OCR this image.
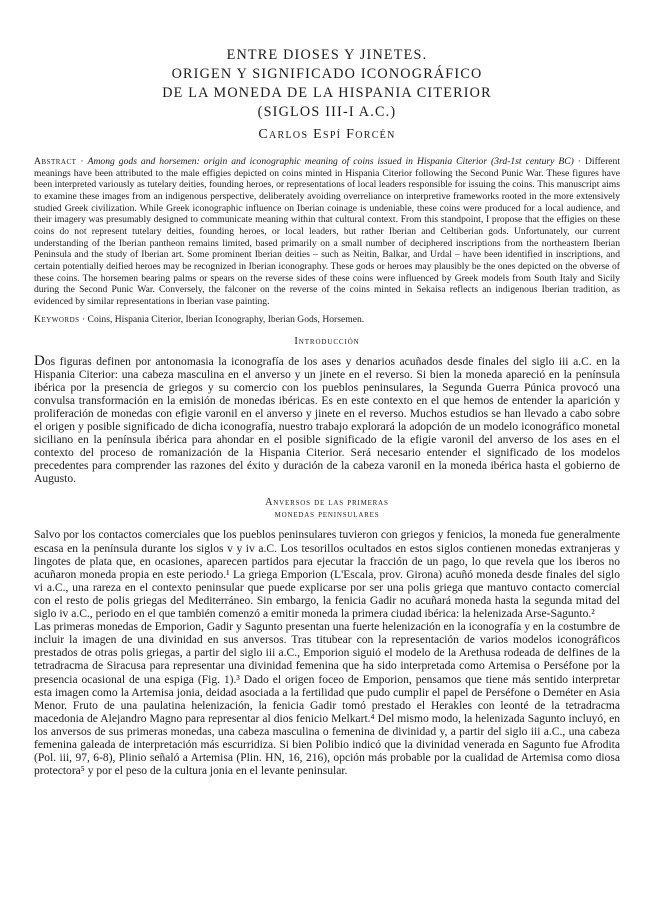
ENTRE DIOSES Y JINETES.
ORIGEN Y SIGNIFICADO ICONOGRÁFICO
DE LA MONEDA DE LA HISPANIA CITERIOR
(SIGLOS III-I A.C.)
Carlos Espí Forcén
Abstract · Among gods and horsemen: origin and iconographic meaning of coins issued in Hispania Citerior (3rd-1st century BC) · Different meanings have been attributed to the male effigies depicted on coins minted in Hispania Citerior following the Second Punic War. These figures have been interpreted variously as tutelary deities, founding heroes, or representations of local leaders responsible for issuing the coins. This manuscript aims to examine these images from an indigenous perspective, deliberately avoiding overreliance on interpretive frameworks rooted in the more extensively studied Greek civilization. While Greek iconographic influence on Iberian coinage is undeniable, these coins were produced for a local audience, and their imagery was presumably designed to communicate meaning within that cultural context. From this standpoint, I propose that the effigies on these coins do not represent tutelary deities, founding heroes, or local leaders, but rather Iberian and Celtiberian gods. Unfortunately, our current understanding of the Iberian pantheon remains limited, based primarily on a small number of deciphered inscriptions from the northeastern Iberian Peninsula and the study of Iberian art. Some prominent Iberian deities – such as Neitin, Balkar, and Urdal – have been identified in inscriptions, and certain potentially deified heroes may be recognized in Iberian iconography. These gods or heroes may plausibly be the ones depicted on the obverse of these coins. The horsemen bearing palms or spears on the reverse sides of these coins were influenced by Greek models from South Italy and Sicily during the Second Punic War. Conversely, the falconer on the reverse of the coins minted in Sekaisa reflects an indigenous Iberian tradition, as evidenced by similar representations in Iberian vase painting.
Keywords · Coins, Hispania Citerior, Iberian Iconography, Iberian Gods, Horsemen.
Introducción

Dos figuras definen por antonomasia la iconografía de los ases y denarios acuñados desde finales del siglo iii a.C. en la Hispania Citerior: una cabeza masculina en el anverso y un jinete en el reverso. Si bien la moneda apareció en la península ibérica por la presencia de griegos y su comercio con los pueblos peninsulares, la Segunda Guerra Púnica provocó una convulsa transformación en la emisión de monedas ibéricas. Es en este contexto en el que hemos de entender la aparición y proliferación de monedas con efigie varonil en el anverso y jinete en el reverso. Muchos estudios se han llevado a cabo sobre el origen y posible significado de dicha iconografía, nuestro trabajo explorará la adopción de un modelo iconográfico monetal siciliano en la península ibérica para ahondar en el posible significado de la efigie varonil del anverso de los ases en el contexto del proceso de romanización de la Hispania Citerior. Será necesario entender el significado de los modelos precedentes para comprender las razones del éxito y duración de la cabeza varonil en la moneda ibérica hasta el gobierno de Augusto.

Anversos de las primeras
monedas peninsulares

Salvo por los contactos comerciales que los pueblos peninsulares tuvieron con griegos y fenicios, la moneda fue generalmente escasa en la península durante los siglos v y iv a.C. Los tesorillos ocultados en estos siglos contienen monedas extranjeras y lingotes de plata que, en ocasiones, aparecen partidos para ejecutar la fracción de un pago, lo que revela que los iberos no acuñaron moneda propia en este periodo.¹ La griega Emporion (L'Escala, prov. Girona) acuñó moneda desde finales del siglo vi a.C., una rareza en el contexto peninsular que puede explicarse por ser una polis griega que mantuvo contacto comercial con el resto de polis griegas del Mediterráneo. Sin embargo, la fenicia Gadir no acuñará moneda hasta la segunda mitad del siglo iv a.C., periodo en el que también comenzó a emitir moneda la primera ciudad ibérica: la helenizada Arse-Sagunto.²

Las primeras monedas de Emporion, Gadir y Sagunto presentan una fuerte helenización en la iconografía y en la costumbre de incluir la imagen de una divinidad en sus anversos. Tras titubear con la representación de varios modelos iconográficos prestados de otras polis griegas, a partir del siglo iii a.C., Emporion siguió el modelo de la Arethusa rodeada de delfines de la tetradracma de Siracusa para representar una divinidad femenina que ha sido interpretada como Artemisa o Perséfone por la presencia ocasional de una espiga (Fig. 1).³ Dado el origen foceo de Emporion, pensamos que tiene más sentido interpretar esta imagen como la Artemisa jonia, deidad asociada a la fertilidad que pudo cumplir el papel de Perséfone o Deméter en Asia Menor. Fruto de una paulatina helenización, la fenicia Gadir tomó prestado el Herakles con leonté de la tetradracma macedonia de Alejandro Magno para representar al dios fenicio Melkart.⁴ Del mismo modo, la helenizada Sagunto incluyó, en los anversos de sus primeras monedas, una cabeza masculina o femenina de divinidad y, a partir del siglo iii a.C., una cabeza femenina galeada de interpretación más escurridiza. Si bien Polibio indicó que la divinidad venerada en Sagunto fue Afrodita (Pol. iii, 97, 6-8), Plinio señaló a Artemisa (Plin. HN, 16, 216), opción más probable por la cualidad de Artemisa como diosa protectora⁵ y por el peso de la cultura jonia en el levante peninsular.
